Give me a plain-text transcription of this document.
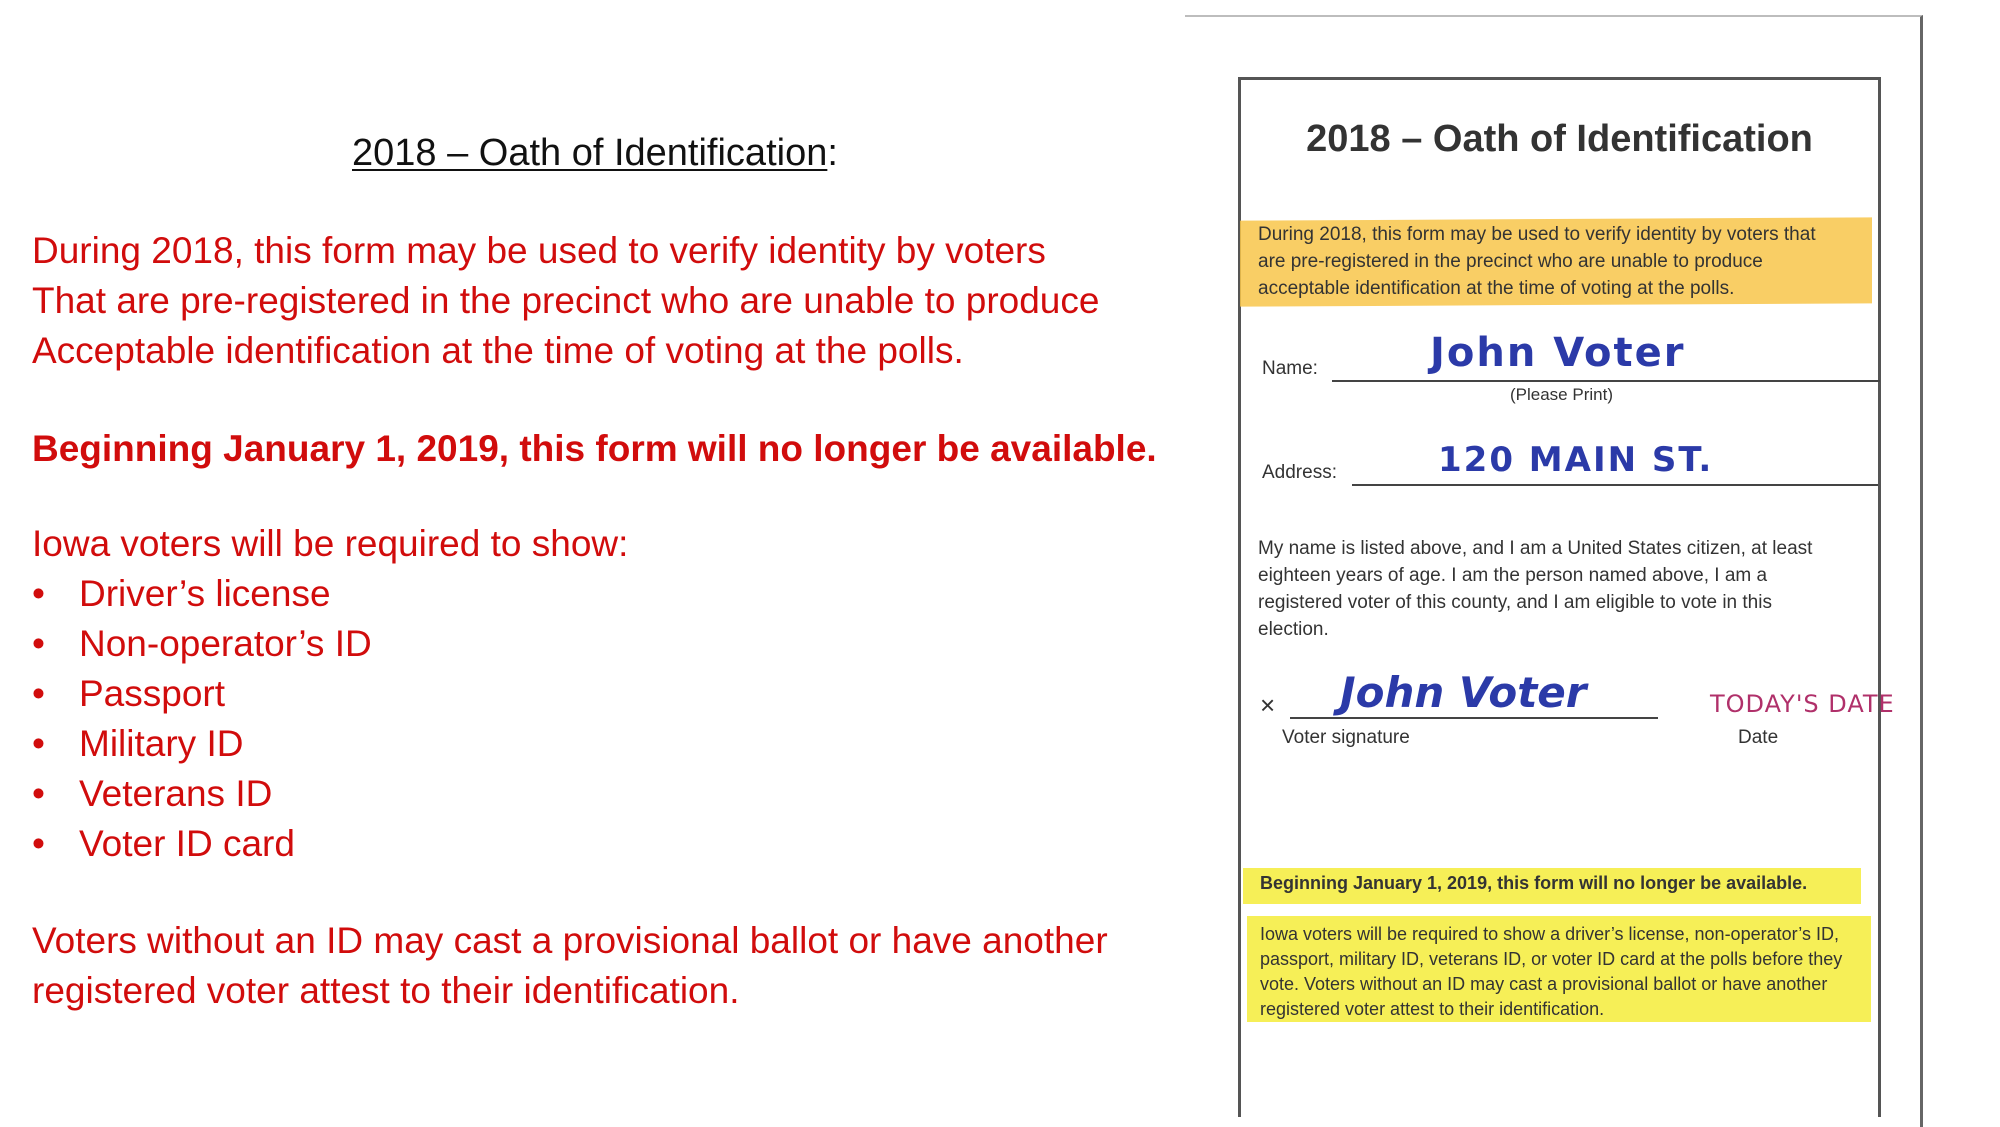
2018 – Oath of Identification:
During 2018, this form may be used to verify identity by voters
That are pre-registered in the precinct who are unable to produce
Acceptable identification at the time of voting at the polls.
Beginning January 1, 2019, this form will no longer be available.
Iowa voters will be required to show:
• Driver’s license
• Non-operator’s ID
• Passport
• Military ID
• Veterans ID
• Voter ID card
Voters without an ID may cast a provisional ballot or have another
registered voter attest to their identification.
2018 – Oath of Identification
During 2018, this form may be used to verify identity by voters that
are pre-registered in the precinct who are unable to produce
acceptable identification at the time of voting at the polls.
Name:	John Voter
(Please Print)
Address:	120 MAIN ST.
My name is listed above, and I am a United States citizen, at least
eighteen years of age. I am the person named above, I am a
registered voter of this county, and I am eligible to vote in this
election.
× John Voter
Voter signature
TODAY'S DATE
Date
Beginning January 1, 2019, this form will no longer be available.
Iowa voters will be required to show a driver’s license, non-operator’s ID,
passport, military ID, veterans ID, or voter ID card at the polls before they
vote. Voters without an ID may cast a provisional ballot or have another
registered voter attest to their identification.
